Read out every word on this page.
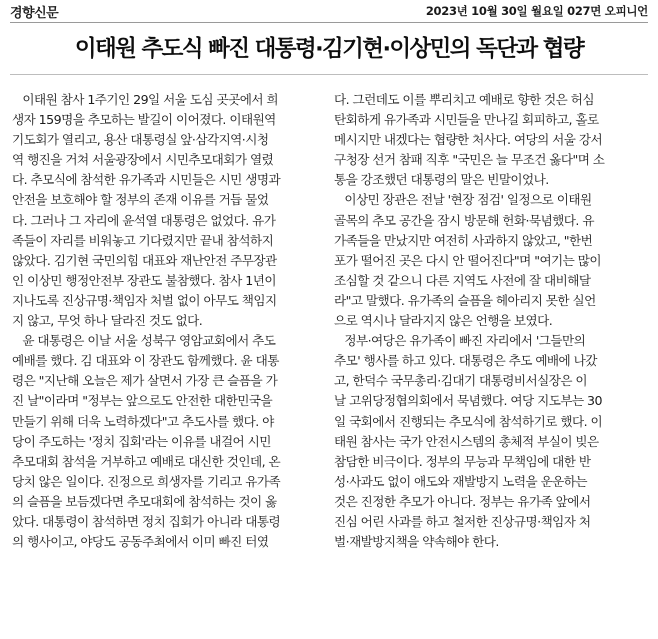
경향신문	2023년 10월 30일 월요일 027면 오피니언
이태원 추도식 빠진 대통령·김기현·이상민의 독단과 협량
이태원 참사 1주기인 29일 서울 도심 곳곳에서 희
생자 159명을 추모하는 발길이 이어졌다. 이태원역
기도회가 열리고, 용산 대통령실 앞·삼각지역·시청
역 행진을 거쳐 서울광장에서 시민추모대회가 열렸
다. 추모식에 참석한 유가족과 시민들은 시민 생명과
안전을 보호해야 할 정부의 존재 이유를 거듭 물었
다. 그러나 그 자리에 윤석열 대통령은 없었다. 유가
족들이 자리를 비워놓고 기다렸지만 끝내 참석하지
않았다. 김기현 국민의힘 대표와 재난안전 주무장관
인 이상민 행정안전부 장관도 불참했다. 참사 1년이
지나도록 진상규명·책임자 처벌 없이 아무도 책임지
지 않고, 무엇 하나 달라진 것도 없다.
윤 대통령은 이날 서울 성북구 영암교회에서 추도
예배를 했다. 김 대표와 이 장관도 함께했다. 윤 대통
령은 "지난해 오늘은 제가 살면서 가장 큰 슬픔을 가
진 날"이라며 "정부는 앞으로도 안전한 대한민국을
만들기 위해 더욱 노력하겠다"고 추도사를 했다. 야
당이 주도하는 '정치 집회'라는 이유를 내걸어 시민
추모대회 참석을 거부하고 예배로 대신한 것인데, 온
당치 않은 일이다. 진정으로 희생자를 기리고 유가족
의 슬픔을 보듬겠다면 추모대회에 참석하는 것이 옳
았다. 대통령이 참석하면 정치 집회가 아니라 대통령
의 행사이고, 야당도 공동주최에서 이미 빠진 터였
다. 그런데도 이를 뿌리치고 예배로 향한 것은 허심
탄회하게 유가족과 시민들을 만나길 회피하고, 홀로
메시지만 내겠다는 협량한 처사다. 여당의 서울 강서
구청장 선거 참패 직후 "국민은 늘 무조건 옳다"며 소
통을 강조했던 대통령의 말은 빈말이었나.
이상민 장관은 전날 '현장 점검' 일정으로 이태원
골목의 추모 공간을 잠시 방문해 헌화·묵념했다. 유
가족들을 만났지만 여전히 사과하지 않았고, "한번
포가 떨어진 곳은 다시 안 떨어진다"며 "여기는 많이
조심할 것 같으니 다른 지역도 사전에 잘 대비해달
라"고 말했다. 유가족의 슬픔을 헤아리지 못한 실언
으로 역시나 달라지지 않은 언행을 보였다.
정부·여당은 유가족이 빠진 자리에서 '그들만의
추모' 행사를 하고 있다. 대통령은 추도 예배에 나갔
고, 한덕수 국무총리·김대기 대통령비서실장은 이
날 고위당정협의회에서 묵념했다. 여당 지도부는 30
일 국회에서 진행되는 추모식에 참석하기로 했다. 이
태원 참사는 국가 안전시스템의 총체적 부실이 빚은
참담한 비극이다. 정부의 무능과 무책임에 대한 반
성·사과도 없이 애도와 재발방지 노력을 운운하는
것은 진정한 추모가 아니다. 정부는 유가족 앞에서
진심 어린 사과를 하고 철저한 진상규명·책임자 처
벌·재발방지책을 약속해야 한다.
